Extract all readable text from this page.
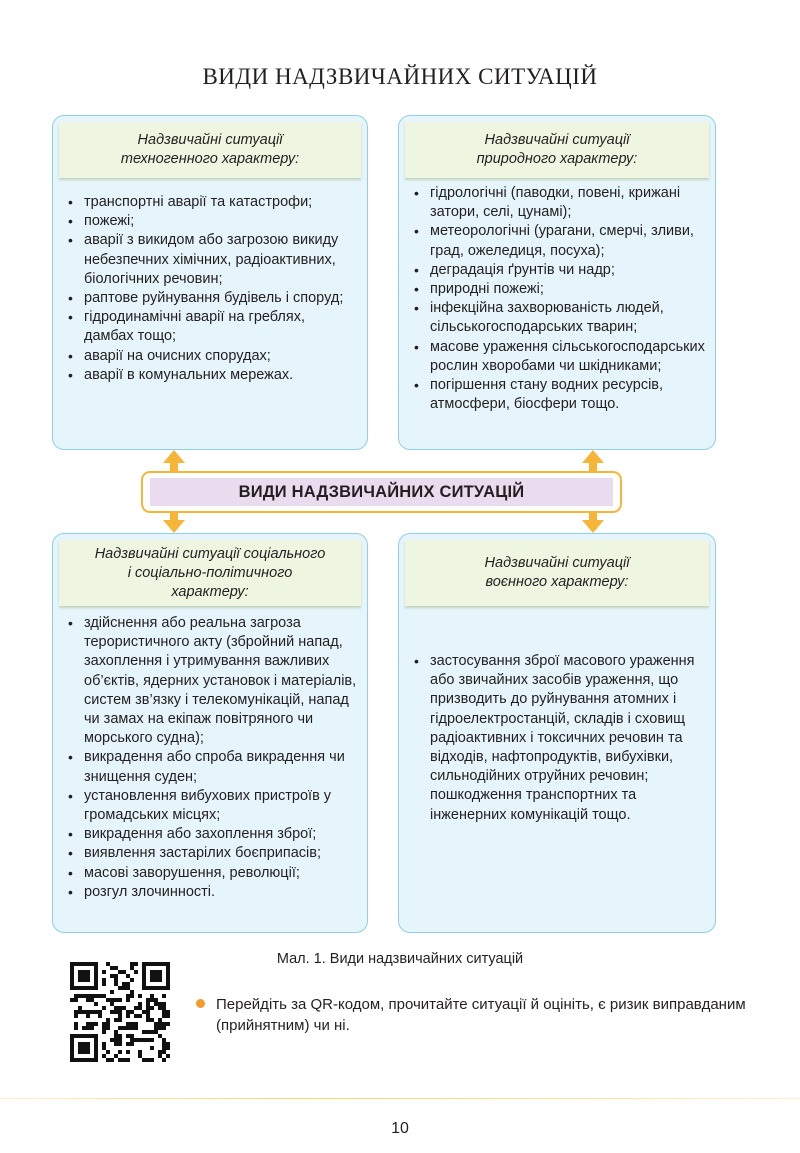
ВИДИ НАДЗВИЧАЙНИХ СИТУАЦІЙ
Надзвичайні ситуації
техногенного характеру:
• транспортні аварії та катастрофи;
• пожежі;
• аварії з викидом або загрозою викиду небезпечних хімічних, радіоактивних, біологічних речовин;
• раптове руйнування будівель і споруд;
• гідродинамічні аварії на греблях, дамбах тощо;
• аварії на очисних спорудах;
• аварії в комунальних мережах.
Надзвичайні ситуації
природного характеру:
• гідрологічні (паводки, повені, крижані затори, селі, цунамі);
• метеорологічні (урагани, смерчі, зливи, град, ожеледиця, посуха);
• деградація ґрунтів чи надр;
• природні пожежі;
• інфекційна захворюваність людей, сільськогосподарських тварин;
• масове ураження сільськогосподарських рослин хворобами чи шкідниками;
• погіршення стану водних ресурсів, атмосфери, біосфери тощо.
ВИДИ НАДЗВИЧАЙНИХ СИТУАЦІЙ
Надзвичайні ситуації соціального
і соціально-політичного
характеру:
• здійснення або реальна загроза терористичного акту (збройний напад, захоплення і утримування важливих об’єктів, ядерних установок і матеріалів, систем зв’язку і телекомунікацій, напад чи замах на екіпаж повітряного чи морського судна);
• викрадення або спроба викрадення чи знищення суден;
• установлення вибухових пристроїв у громадських місцях;
• викрадення або захоплення зброї;
• виявлення застарілих боєприпасів;
• масові заворушення, революції;
• розгул злочинності.
Надзвичайні ситуації
воєнного характеру:
• застосування зброї масового ураження або звичайних засобів ураження, що призводить до руйнування атомних і гідроелектростанцій, складів і сховищ радіоактивних і токсичних речовин та відходів, нафтопродуктів, вибухівки, сильнодійних отруйних речовин; пошкодження транспортних та інженерних комунікацій тощо.
Мал. 1. Види надзвичайних ситуацій
Перейдіть за QR-кодом, прочитайте ситуації й оцініть, є ризик виправданим (прийнятним) чи ні.
10
